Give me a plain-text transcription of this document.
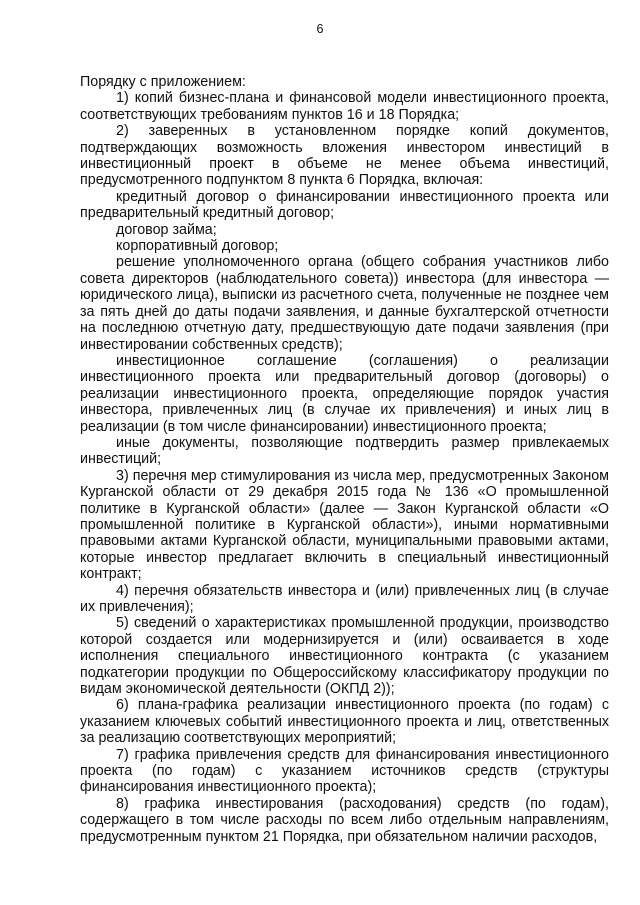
6

Порядку с приложением:

1) копий бизнес-плана и финансовой модели инвестиционного проекта, соответствующих требованиям пунктов 16 и 18 Порядка;

2) заверенных в установленном порядке копий документов, подтверждающих возможность вложения инвестором инвестиций в инвестиционный проект в объеме не менее объема инвестиций, предусмотренного подпунктом 8 пункта 6 Порядка, включая:

кредитный договор о финансировании инвестиционного проекта или предварительный кредитный договор;

договор займа;

корпоративный договор;

решение уполномоченного органа (общего собрания участников либо совета директоров (наблюдательного совета)) инвестора (для инвестора — юридического лица), выписки из расчетного счета, полученные не позднее чем за пять дней до даты подачи заявления, и данные бухгалтерской отчетности на последнюю отчетную дату, предшествующую дате подачи заявления (при инвестировании собственных средств);

инвестиционное соглашение (соглашения) о реализации инвестиционного проекта или предварительный договор (договоры) о реализации инвестиционного проекта, определяющие порядок участия инвестора, привлеченных лиц (в случае их привлечения) и иных лиц в реализации (в том числе финансировании) инвестиционного проекта;

иные документы, позволяющие подтвердить размер привлекаемых инвестиций;

3) перечня мер стимулирования из числа мер, предусмотренных Законом Курганской области от 29 декабря 2015 года № 136 «О промышленной политике в Курганской области» (далее — Закон Курганской области «О промышленной политике в Курганской области»), иными нормативными правовыми актами Курганской области, муниципальными правовыми актами, которые инвестор предлагает включить в специальный инвестиционный контракт;

4) перечня обязательств инвестора и (или) привлеченных лиц (в случае их привлечения);

5) сведений о характеристиках промышленной продукции, производство которой создается или модернизируется и (или) осваивается в ходе исполнения специального инвестиционного контракта (с указанием подкатегории продукции по Общероссийскому классификатору продукции по видам экономической деятельности (ОКПД 2));

6) плана-графика реализации инвестиционного проекта (по годам) с указанием ключевых событий инвестиционного проекта и лиц, ответственных за реализацию соответствующих мероприятий;

7) графика привлечения средств для финансирования инвестиционного проекта (по годам) с указанием источников средств (структуры финансирования инвестиционного проекта);

8) графика инвестирования (расходования) средств (по годам), содержащего в том числе расходы по всем либо отдельным направлениям, предусмотренным пунктом 21 Порядка, при обязательном наличии расходов,
